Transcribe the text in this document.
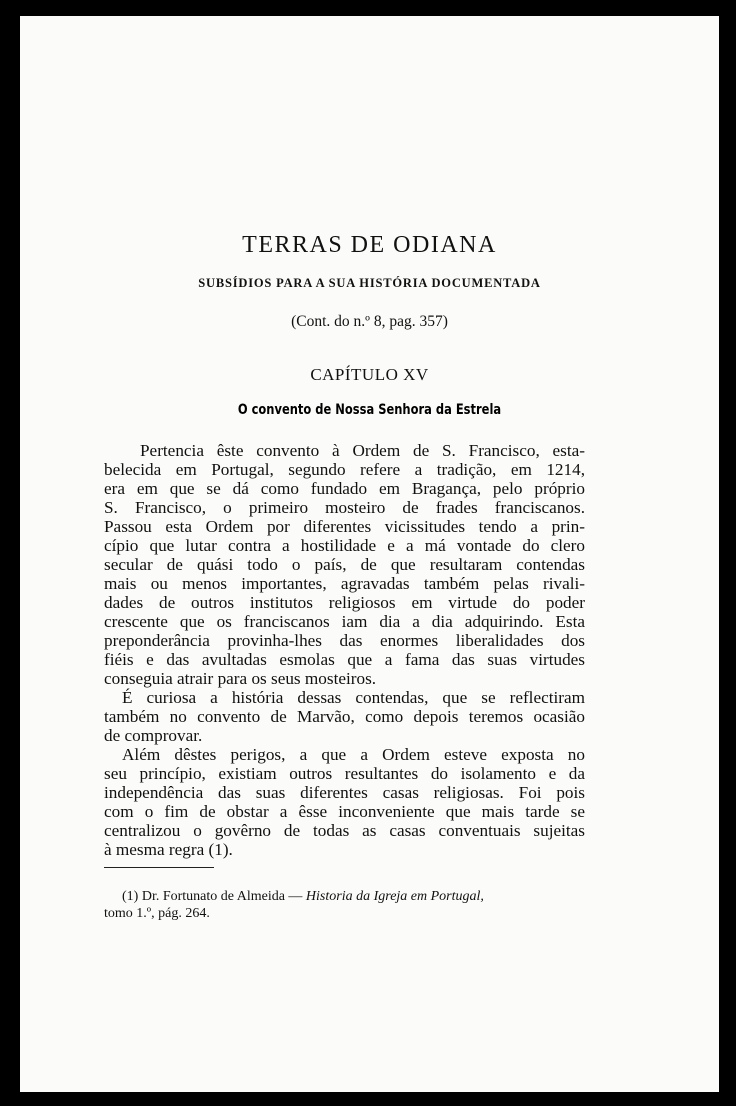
TERRAS DE ODIANA
SUBSÍDIOS PARA A SUA HISTÓRIA DOCUMENTADA
(Cont. do n.º 8, pag. 357)
CAPÍTULO XV
O convento de Nossa Senhora da Estrela
Pertencia êste convento à Ordem de S. Francisco, esta-
belecida em Portugal, segundo refere a tradição, em 1214,
era em que se dá como fundado em Bragança, pelo próprio
S. Francisco, o primeiro mosteiro de frades franciscanos.
Passou esta Ordem por diferentes vicissitudes tendo a prin-
cípio que lutar contra a hostilidade e a má vontade do clero
secular de quási todo o país, de que resultaram contendas
mais ou menos importantes, agravadas também pelas rivali-
dades de outros institutos religiosos em virtude do poder
crescente que os franciscanos iam dia a dia adquirindo. Esta
preponderância provinha-lhes das enormes liberalidades dos
fiéis e das avultadas esmolas que a fama das suas virtudes
conseguia atrair para os seus mosteiros.
É curiosa a história dessas contendas, que se reflectiram
também no convento de Marvão, como depois teremos ocasião
de comprovar.
Além dêstes perigos, a que a Ordem esteve exposta no
seu princípio, existiam outros resultantes do isolamento e da
independência das suas diferentes casas religiosas. Foi pois
com o fim de obstar a êsse inconveniente que mais tarde se
centralizou o govêrno de todas as casas conventuais sujeitas
à mesma regra (1).
(1) Dr. Fortunato de Almeida — Historia da Igreja em Portugal,
tomo 1.º, pág. 264.
